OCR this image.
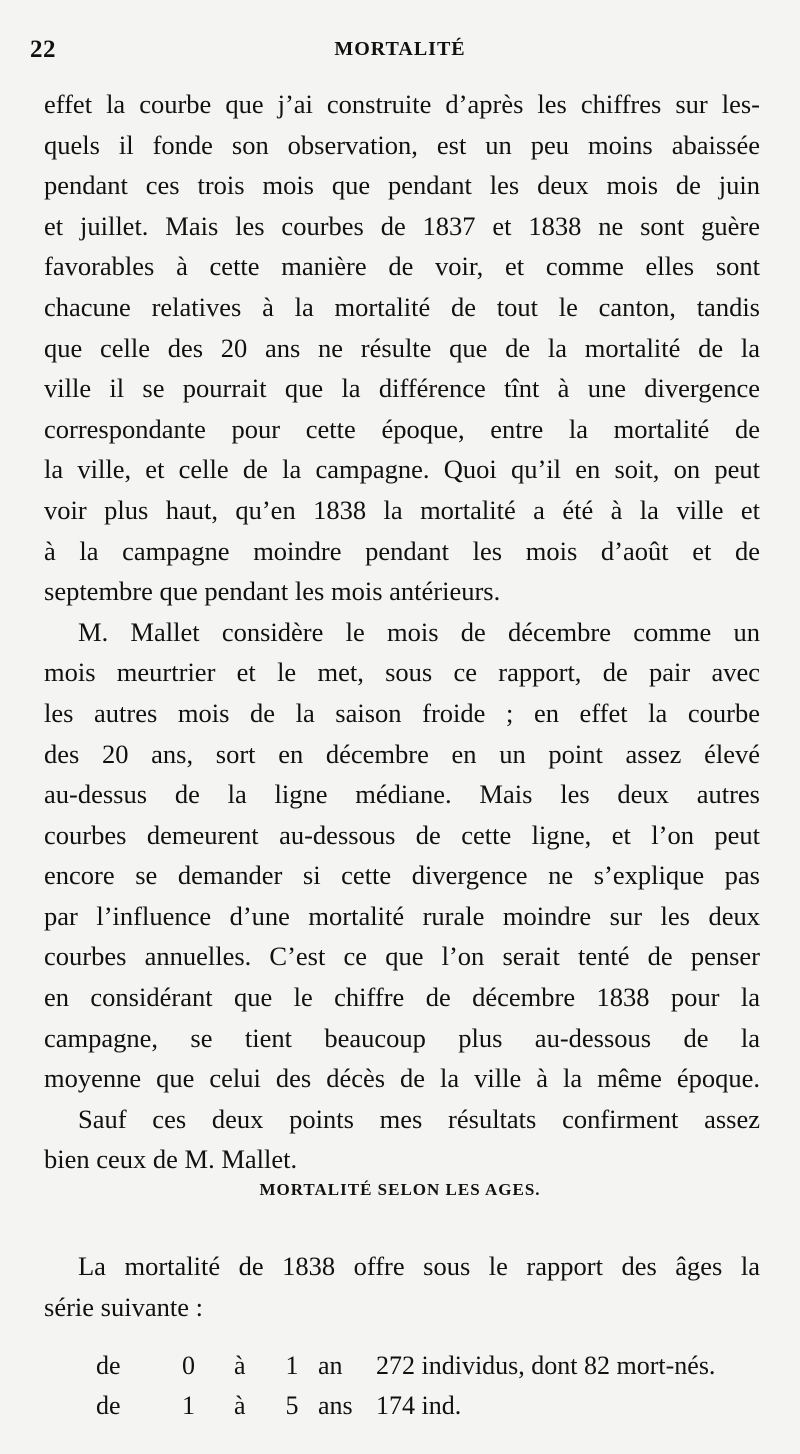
22	MORTALITÉ
effet la courbe que j’ai construite d’après les chiffres sur les-
quels il fonde son observation, est un peu moins abaissée
pendant ces trois mois que pendant les deux mois de juin
et juillet. Mais les courbes de 1837 et 1838 ne sont guère
favorables à cette manière de voir, et comme elles sont
chacune relatives à la mortalité de tout le canton, tandis
que celle des 20 ans ne résulte que de la mortalité de la
ville il se pourrait que la différence tînt à une divergence
correspondante pour cette époque, entre la mortalité de
la ville, et celle de la campagne. Quoi qu’il en soit, on peut
voir plus haut, qu’en 1838 la mortalité a été à la ville et
à la campagne moindre pendant les mois d’août et de
septembre que pendant les mois antérieurs.
M. Mallet considère le mois de décembre comme un
mois meurtrier et le met, sous ce rapport, de pair avec
les autres mois de la saison froide ; en effet la courbe
des 20 ans, sort en décembre en un point assez élevé
au-dessus de la ligne médiane. Mais les deux autres
courbes demeurent au-dessous de cette ligne, et l’on peut
encore se demander si cette divergence ne s’explique pas
par l’influence d’une mortalité rurale moindre sur les deux
courbes annuelles. C’est ce que l’on serait tenté de penser
en considérant que le chiffre de décembre 1838 pour la
campagne, se tient beaucoup plus au-dessous de la
moyenne que celui des décès de la ville à la même époque.
Sauf ces deux points mes résultats confirment assez
bien ceux de M. Mallet.
MORTALITÉ SELON LES AGES.
La mortalité de 1838 offre sous le rapport des âges la
série suivante :
de	0	à	1 an	272 individus, dont 82 mort-nés.
de	1	à	5 ans 174 ind.
